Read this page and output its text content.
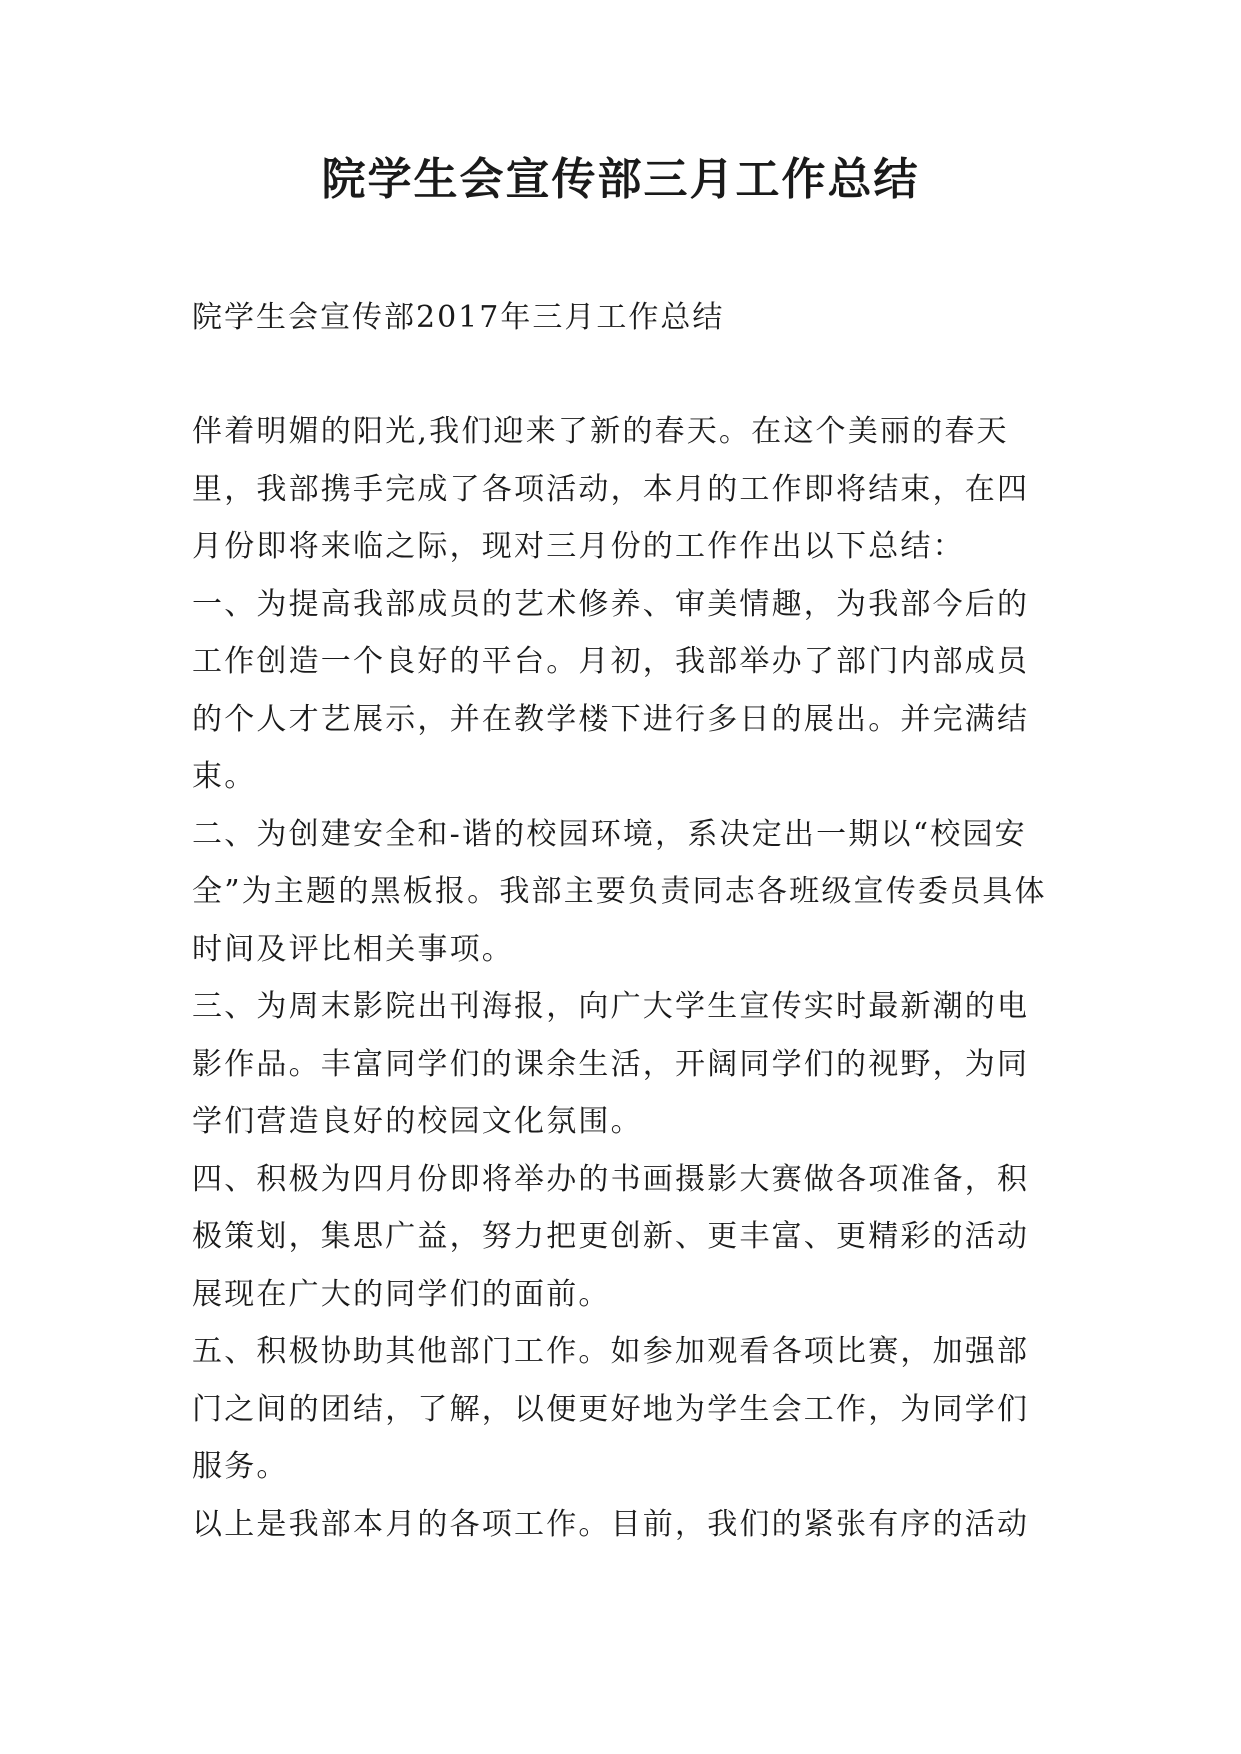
院学生会宣传部三月工作总结

院学生会宣传部2017年三月工作总结

伴着明媚的阳光,我们迎来了新的春天。在这个美丽的春天里，我部携手完成了各项活动，本月的工作即将结束，在四月份即将来临之际，现对三月份的工作作出以下总结：

一、为提高我部成员的艺术修养、审美情趣，为我部今后的工作创造一个良好的平台。月初，我部举办了部门内部成员的个人才艺展示，并在教学楼下进行多日的展出。并完满结束。

二、为创建安全和-谐的校园环境，系决定出一期以“校园安全”为主题的黑板报。我部主要负责同志各班级宣传委员具体时间及评比相关事项。

三、为周末影院出刊海报，向广大学生宣传实时最新潮的电影作品。丰富同学们的课余生活，开阔同学们的视野，为同学们营造良好的校园文化氛围。

四、积极为四月份即将举办的书画摄影大赛做各项准备，积极策划，集思广益，努力把更创新、更丰富、更精彩的活动展现在广大的同学们的面前。

五、积极协助其他部门工作。如参加观看各项比赛，加强部门之间的团结，了解，以便更好地为学生会工作，为同学们服务。

以上是我部本月的各项工作。目前，我们的紧张有序的活动
